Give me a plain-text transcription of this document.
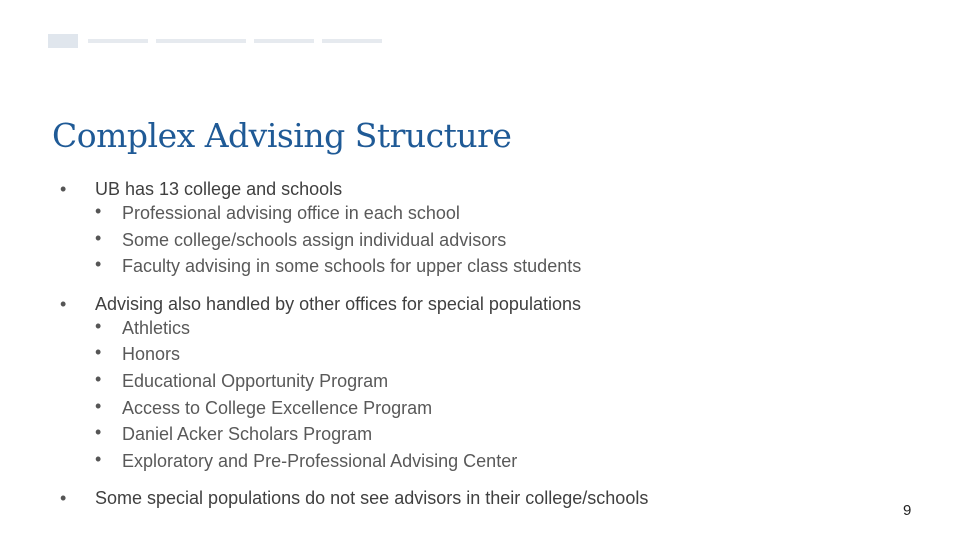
Complex Advising Structure
• UB has 13 college and schools
• Professional advising office in each school
• Some college/schools assign individual advisors
• Faculty advising in some schools for upper class students
• Advising also handled by other offices for special populations
• Athletics
• Honors
• Educational Opportunity Program
• Access to College Excellence Program
• Daniel Acker Scholars Program
• Exploratory and Pre-Professional Advising Center
• Some special populations do not see advisors in their college/schools
9
